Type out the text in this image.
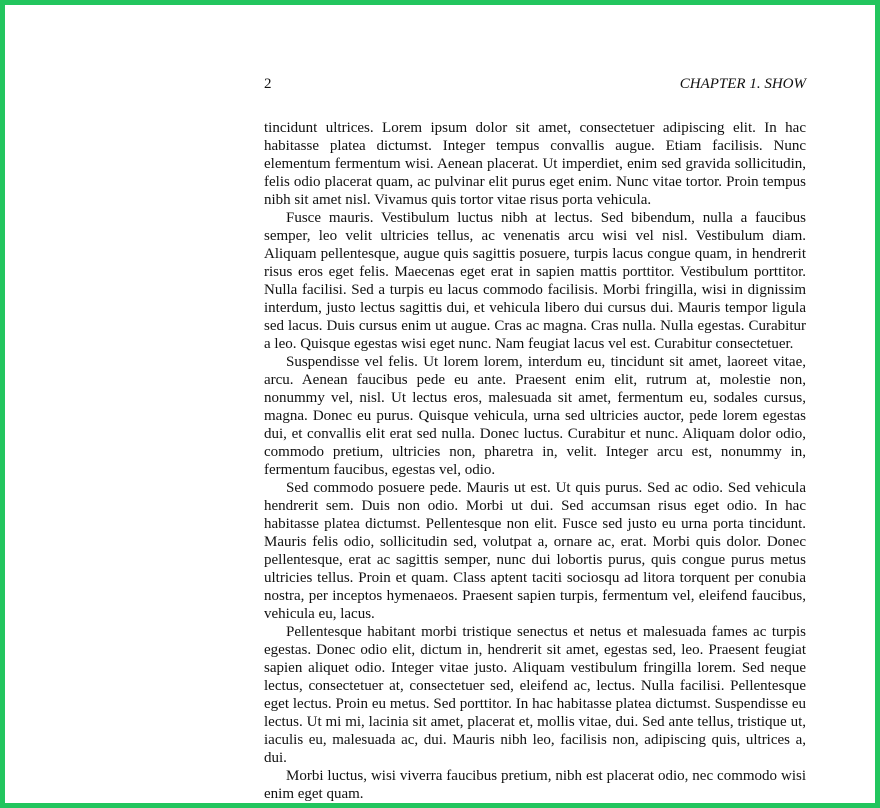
2	CHAPTER 1. SHOW

tincidunt ultrices. Lorem ipsum dolor sit amet, consectetuer adipiscing elit. In hac habitasse platea dictumst. Integer tempus convallis augue. Etiam facilisis. Nunc elementum fermentum wisi. Aenean placerat. Ut imperdiet, enim sed gravida sollicitudin, felis odio placerat quam, ac pulvinar elit purus eget enim. Nunc vitae tortor. Proin tempus nibh sit amet nisl. Vivamus quis tortor vitae risus porta vehicula.

Fusce mauris. Vestibulum luctus nibh at lectus. Sed bibendum, nulla a faucibus semper, leo velit ultricies tellus, ac venenatis arcu wisi vel nisl. Vestibulum diam. Aliquam pellentesque, augue quis sagittis posuere, turpis lacus congue quam, in hendrerit risus eros eget felis. Maecenas eget erat in sapien mattis porttitor. Vestibulum porttitor. Nulla facilisi. Sed a turpis eu lacus commodo facilisis. Morbi fringilla, wisi in dignissim interdum, justo lectus sagittis dui, et vehicula libero dui cursus dui. Mauris tempor ligula sed lacus. Duis cursus enim ut augue. Cras ac magna. Cras nulla. Nulla egestas. Curabitur a leo. Quisque egestas wisi eget nunc. Nam feugiat lacus vel est. Curabitur consectetuer.

Suspendisse vel felis. Ut lorem lorem, interdum eu, tincidunt sit amet, laoreet vitae, arcu. Aenean faucibus pede eu ante. Praesent enim elit, rutrum at, molestie non, nonummy vel, nisl. Ut lectus eros, malesuada sit amet, fermentum eu, sodales cursus, magna. Donec eu purus. Quisque vehicula, urna sed ultricies auctor, pede lorem egestas dui, et convallis elit erat sed nulla. Donec luctus. Curabitur et nunc. Aliquam dolor odio, commodo pretium, ultricies non, pharetra in, velit. Integer arcu est, nonummy in, fermentum faucibus, egestas vel, odio.

Sed commodo posuere pede. Mauris ut est. Ut quis purus. Sed ac odio. Sed vehicula hendrerit sem. Duis non odio. Morbi ut dui. Sed accumsan risus eget odio. In hac habitasse platea dictumst. Pellentesque non elit. Fusce sed justo eu urna porta tincidunt. Mauris felis odio, sollicitudin sed, volutpat a, ornare ac, erat. Morbi quis dolor. Donec pellentesque, erat ac sagittis semper, nunc dui lobortis purus, quis congue purus metus ultricies tellus. Proin et quam. Class aptent taciti sociosqu ad litora torquent per conubia nostra, per inceptos hymenaeos. Praesent sapien turpis, fermentum vel, eleifend faucibus, vehicula eu, lacus.

Pellentesque habitant morbi tristique senectus et netus et malesuada fames ac turpis egestas. Donec odio elit, dictum in, hendrerit sit amet, egestas sed, leo. Praesent feugiat sapien aliquet odio. Integer vitae justo. Aliquam vestibulum fringilla lorem. Sed neque lectus, consectetuer at, consectetuer sed, eleifend ac, lectus. Nulla facilisi. Pellentesque eget lectus. Proin eu metus. Sed porttitor. In hac habitasse platea dictumst. Suspendisse eu lectus. Ut mi mi, lacinia sit amet, placerat et, mollis vitae, dui. Sed ante tellus, tristique ut, iaculis eu, malesuada ac, dui. Mauris nibh leo, facilisis non, adipiscing quis, ultrices a, dui.

Morbi luctus, wisi viverra faucibus pretium, nibh est placerat odio, nec commodo wisi enim eget quam.
